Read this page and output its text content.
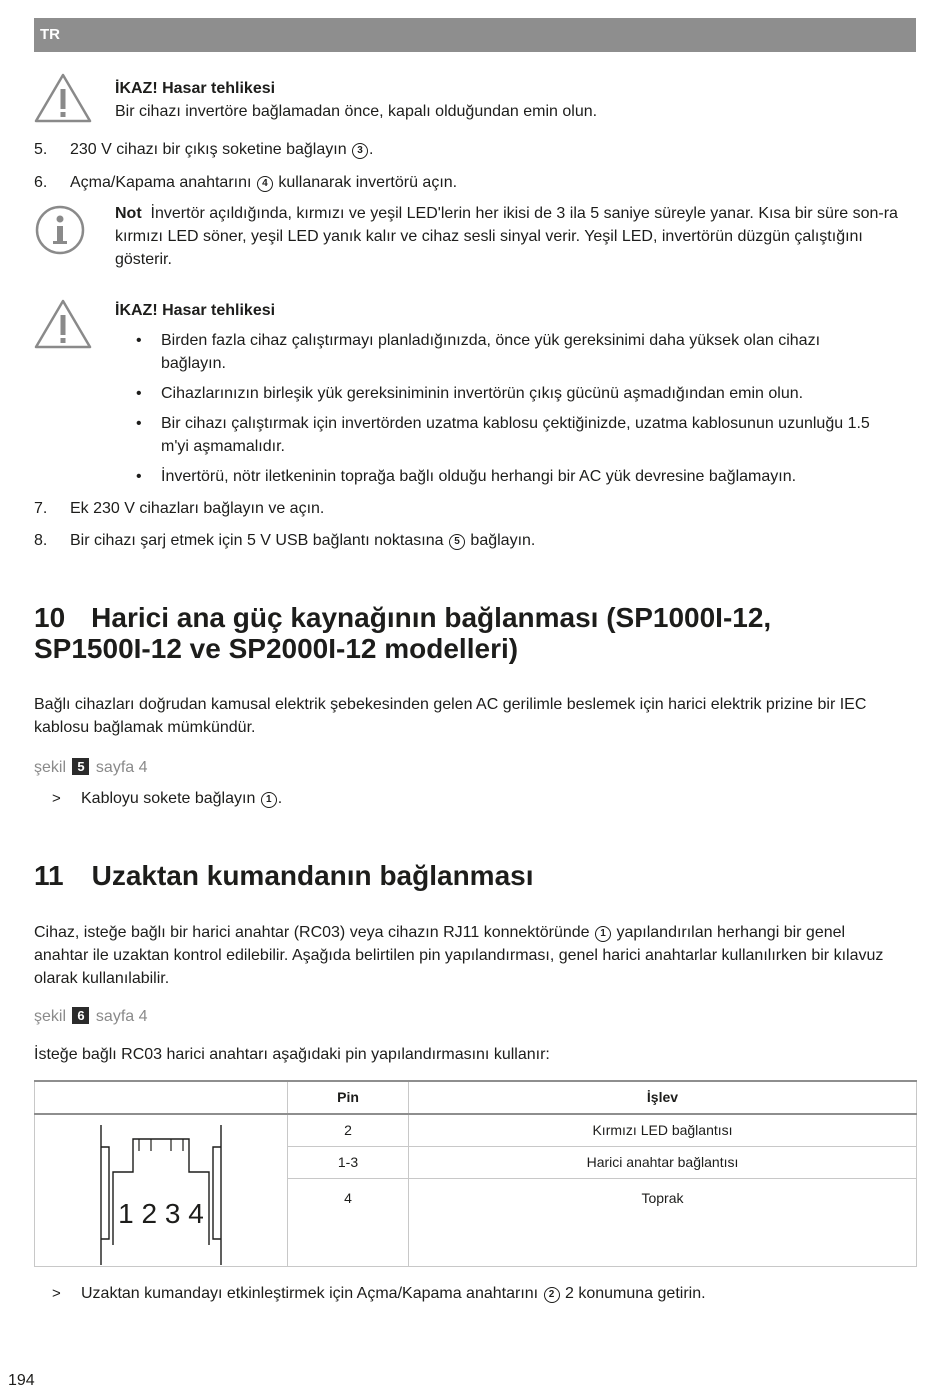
TR
İKAZ! Hasar tehlikesi
Bir cihazı invertöre bağlamadan önce, kapalı olduğundan emin olun.
5.	230 V cihazı bir çıkış soketine bağlayın 3 .
6.	Açma/Kapama anahtarını 4 kullanarak invertörü açın.
Not İnvertör açıldığında, kırmızı ve yeşil LED'lerin her ikisi de 3 ila 5 saniye süreyle yanar. Kısa bir süre son-ra kırmızı LED söner, yeşil LED yanık kalır ve cihaz sesli sinyal verir. Yeşil LED, invertörün düzgün çalıştığını gösterir.
İKAZ! Hasar tehlikesi
• Birden fazla cihaz çalıştırmayı planladığınızda, önce yük gereksinimi daha yüksek olan cihazı bağlayın.
• Cihazlarınızın birleşik yük gereksiniminin invertörün çıkış gücünü aşmadığından emin olun.
• Bir cihazı çalıştırmak için invertörden uzatma kablosu çektiğinizde, uzatma kablosunun uzunluğu 1.5 m'yi aşmamalıdır.
• İnvertörü, nötr iletkeninin toprağa bağlı olduğu herhangi bir AC yük devresine bağlamayın.
7.	Ek 230 V cihazları bağlayın ve açın.
8.	Bir cihazı şarj etmek için 5 V USB bağlantı noktasına 5 bağlayın.
10 Harici ana güç kaynağının bağlanması (SP1000I-12,
SP1500I-12 ve SP2000I-12 modelleri)
Bağlı cihazları doğrudan kamusal elektrik şebekesinden gelen AC gerilimle beslemek için harici elektrik prizine bir IEC kablosu bağlamak mümkündür.
şekil 5 sayfa 4
> Kabloyu sokete bağlayın 1 .
11 Uzaktan kumandanın bağlanması
Cihaz, isteğe bağlı bir harici anahtar (RC03) veya cihazın RJ11 konnektöründe 1 yapılandırılan herhangi bir genel anahtar ile uzaktan kontrol edilebilir. Aşağıda belirtilen pin yapılandırması, genel harici anahtarlar kullanılırken bir kılavuz olarak kullanılabilir.
şekil 6 sayfa 4
İsteğe bağlı RC03 harici anahtarı aşağıdaki pin yapılandırmasını kullanır:
	Pin	İşlev

1 2 3 4	2	Kırmızı LED bağlantısı
	1-3	Harici anahtar bağlantısı
	4	Toprak

> Uzaktan kumandayı etkinleştirmek için Açma/Kapama anahtarını 2 2 konumuna getirin.
194
